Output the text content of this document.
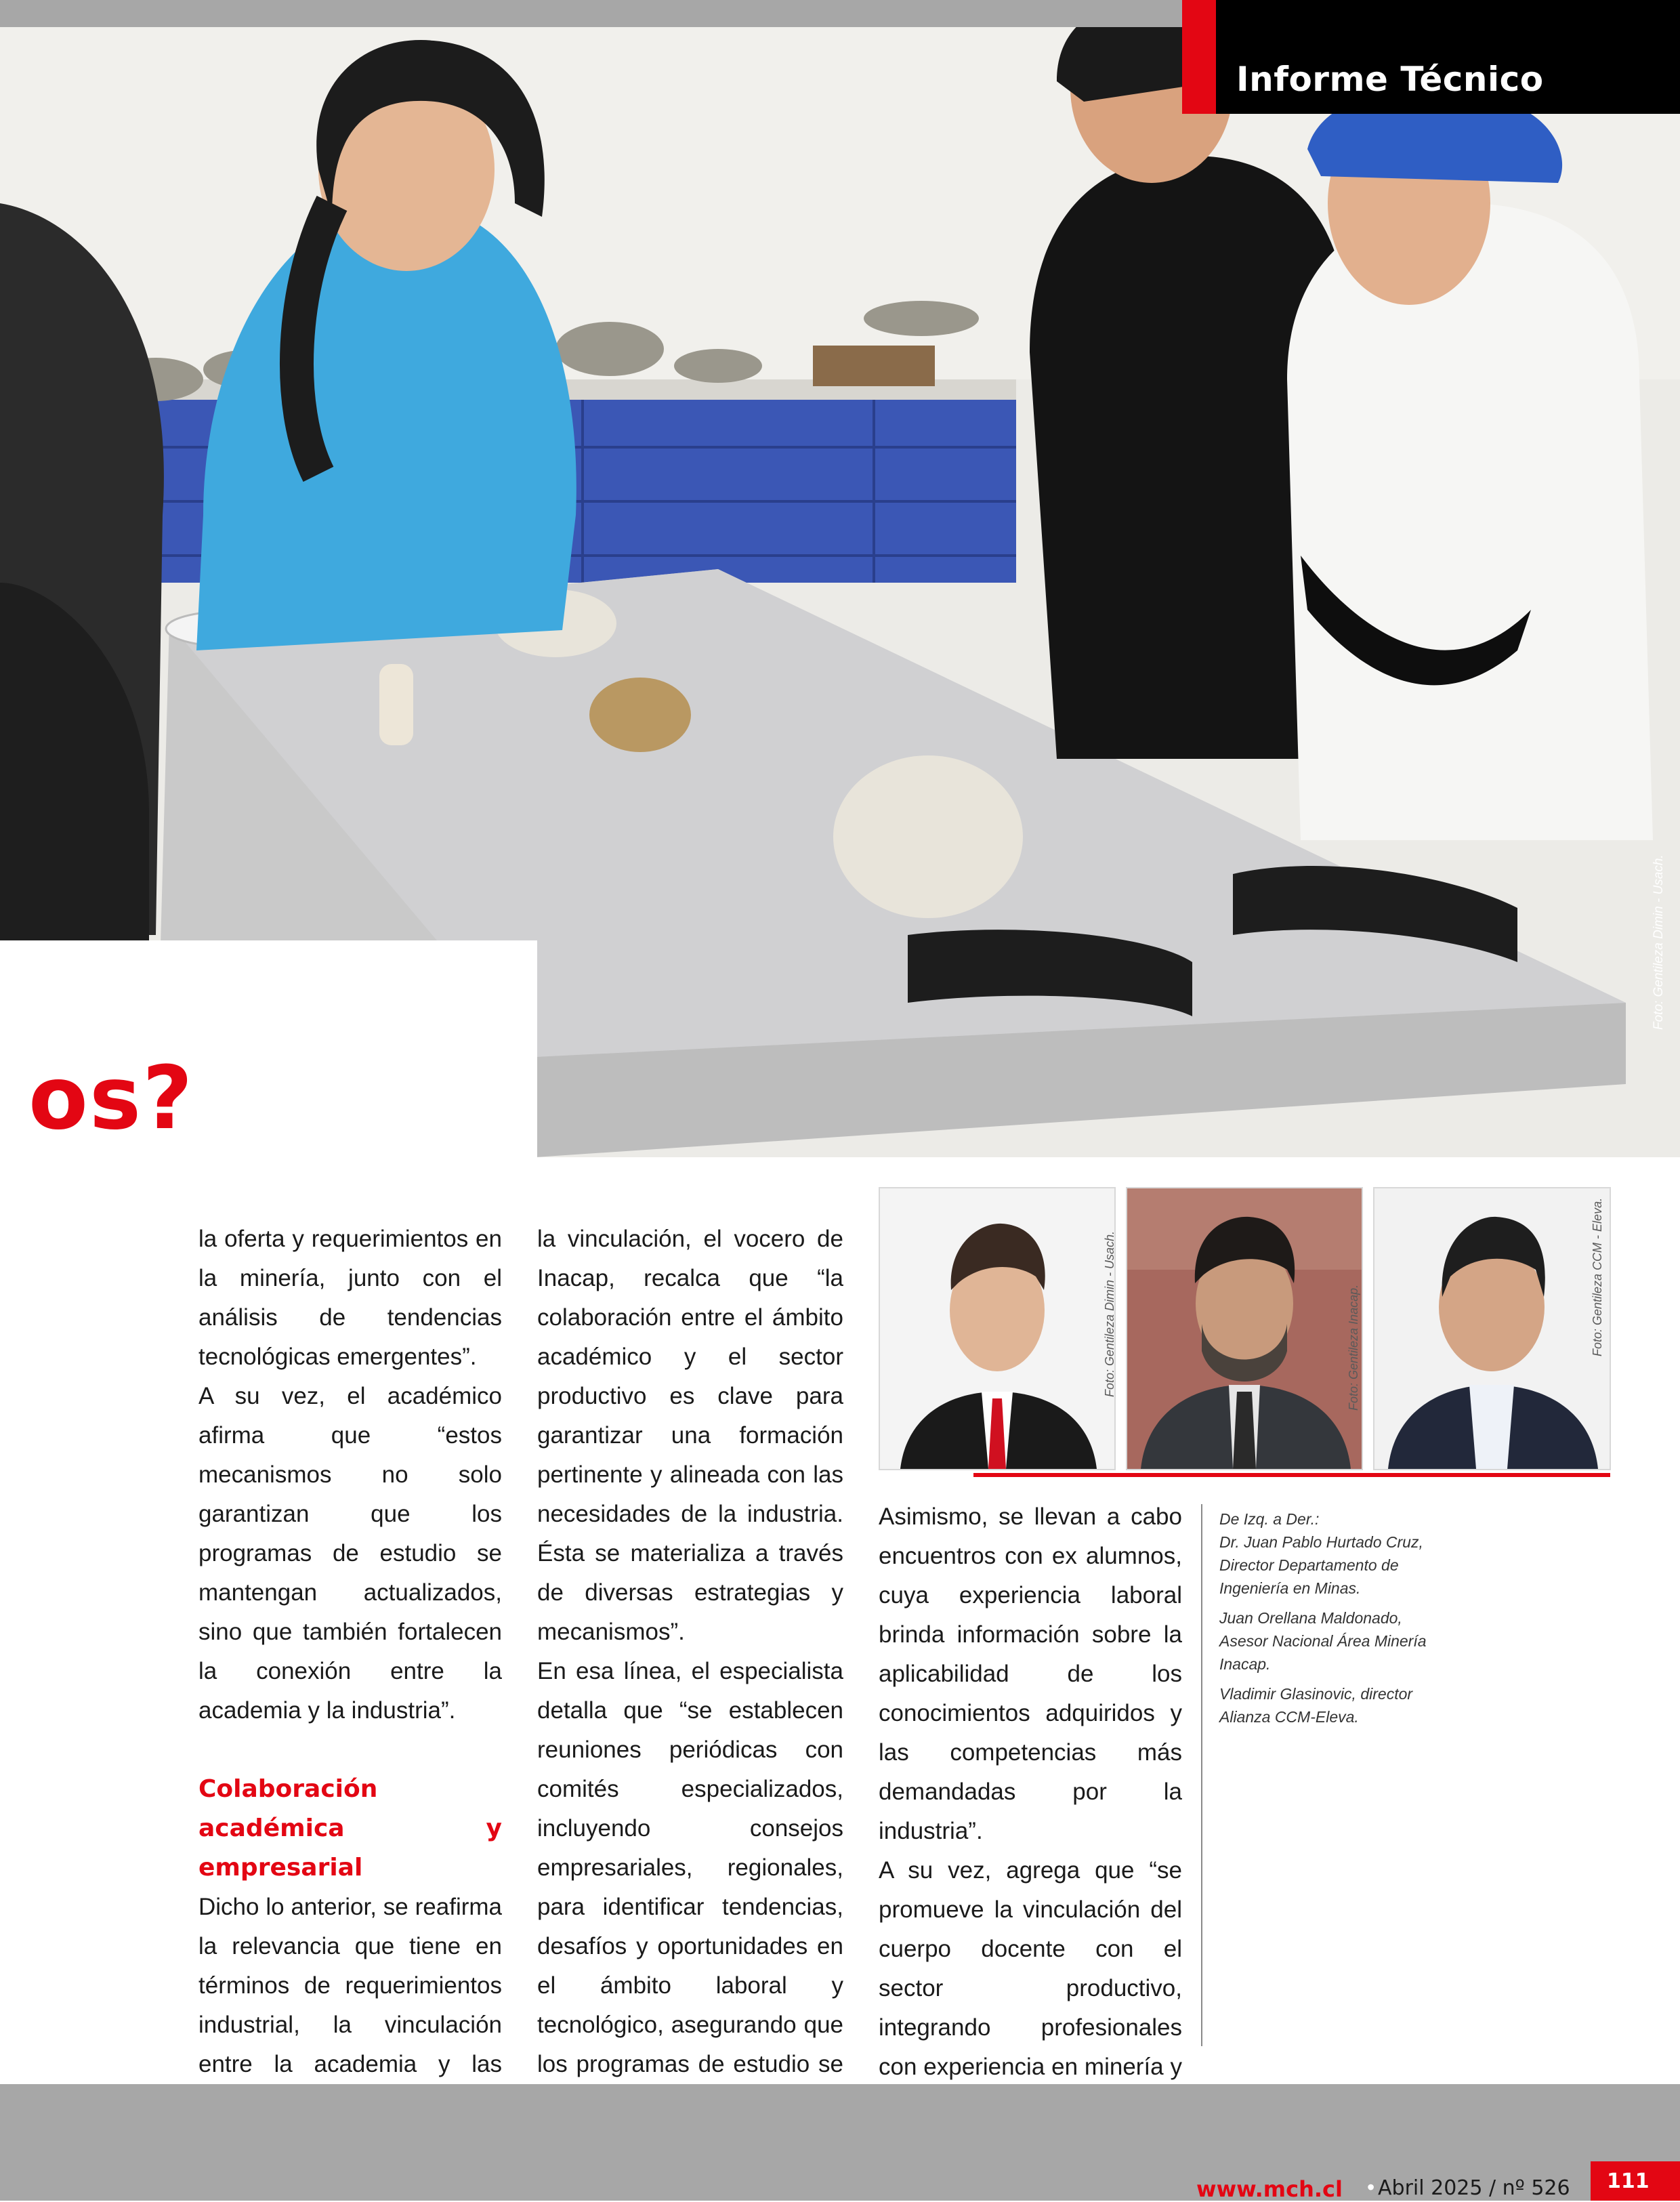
Informe Técnico
Foto: Gentileza Dimin - Usach.
os?

la oferta y requerimientos en la minería, junto con el análisis de tendencias tecnológicas emergentes”.

A su vez, el académico afirma que “estos mecanismos no solo garantizan que los programas de estudio se mantengan actualizados, sino que también fortalecen la conexión entre la academia y la industria”.

Colaboración académica y empresarial

Dicho lo anterior, se reafirma la relevancia que tiene en términos de requerimientos industrial, la vinculación entre la academia y las

la vinculación, el vocero de Inacap, recalca que “la colaboración entre el ámbito académico y el sector productivo es clave para garantizar una formación pertinente y alineada con las necesidades de la industria. Ésta se materializa a través de diversas estrategias y mecanismos”.

En esa línea, el especialista detalla que “se establecen reuniones periódicas con comités especializados, incluyendo consejos empresariales, regionales, para identificar tendencias, desafíos y oportunidades en el ámbito laboral y tecnológico, asegurando que los programas de estudio se

Foto: Gentileza Dimin - Usach.	Foto: Gentileza Inacap.	Foto: Gentileza CCM - Eleva.

Asimismo, se llevan a cabo encuentros con ex alumnos, cuya experiencia laboral brinda información sobre la aplicabilidad de los conocimientos adquiridos y las competencias más demandadas por la industria”.

A su vez, agrega que “se promueve la vinculación del cuerpo docente con el sector productivo, integrando profesionales con experiencia en minería y

De Izq. a Der.:

Dr. Juan Pablo Hurtado Cruz, Director Departamento de Ingeniería en Minas.

Juan Orellana Maldonado, Asesor Nacional Área Minería Inacap.

Vladimir Glasinovic, director Alianza CCM-Eleva.

www.mch.cl • Abril 2025 / nº 526 111
